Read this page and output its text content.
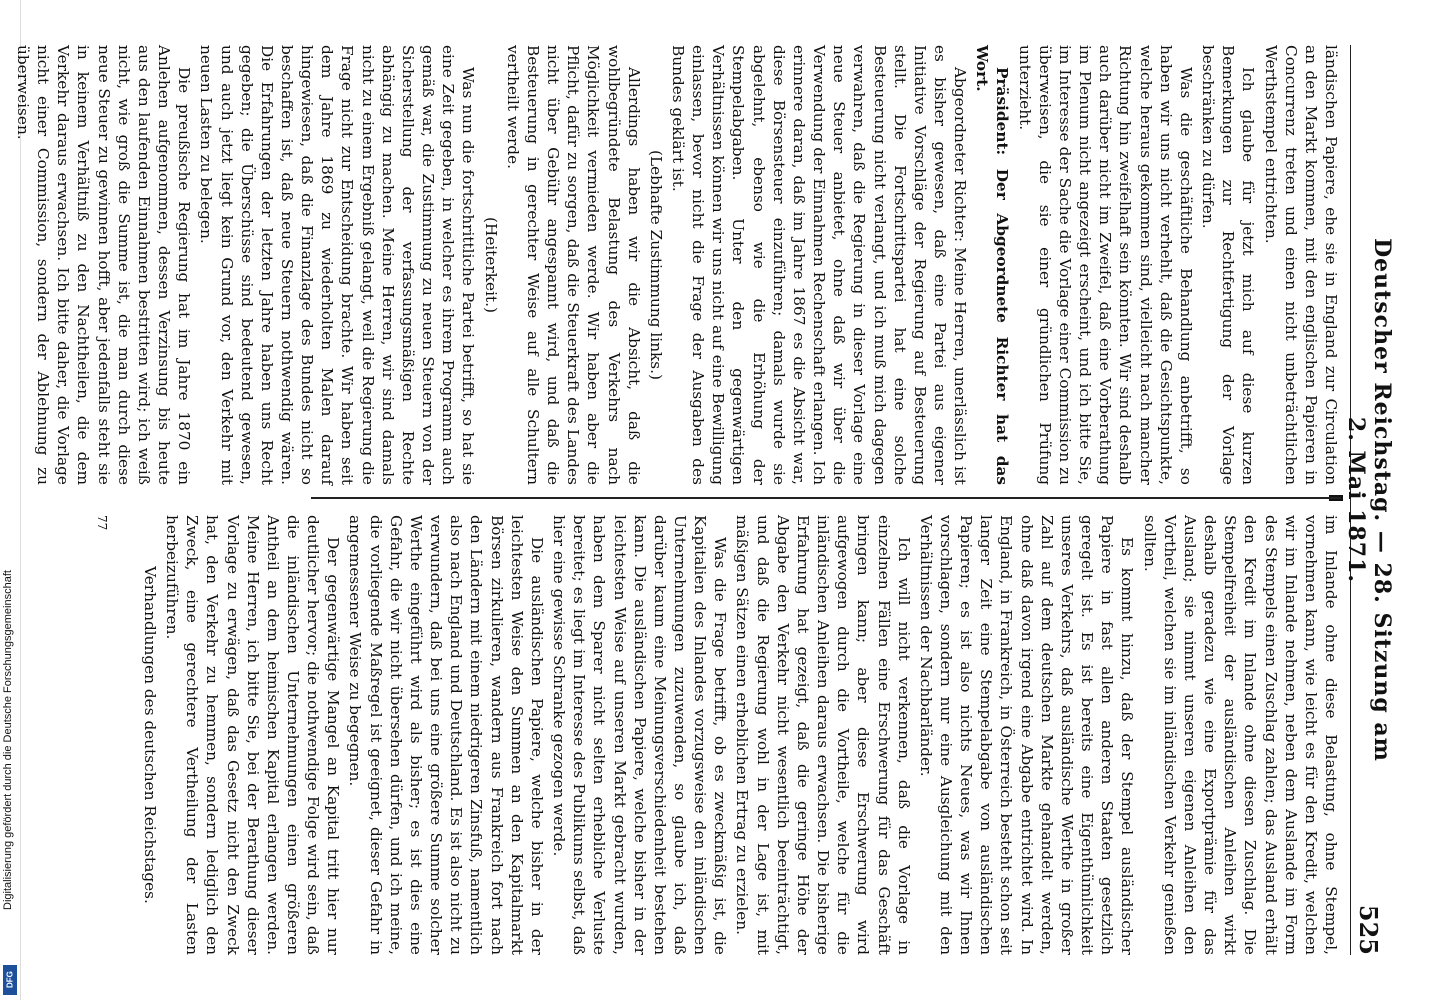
Digitalisierung gefördert durch die Deutsche Forschungsgemeinschaft
DFG
Deutscher Reichstag. — 28. Sitzung am 2. Mai 1871.
525

ländischen Papiere, ehe sie in England zur Circulation an den Markt kommen, mit den englischen Papieren in Concurrenz treten und einen nicht unbeträchtlichen Werthstempel entrichten.

Ich glaube für jetzt mich auf diese kurzen Bemerkungen zur Rechtfertigung der Vorlage beschränken zu dürfen.

Was die geschäftliche Behandlung anbetrifft, so haben wir uns nicht verhehlt, daß die Gesichtspunkte, welche heraus gekommen sind, vielleicht nach mancher Richtung hin zweifelhaft sein könnten. Wir sind deshalb auch darüber nicht im Zweifel, daß eine Vorberathung im Plenum nicht angezeigt erscheint, und ich bitte Sie, im Interesse der Sache die Vorlage einer Commission zu überweisen, die sie einer gründlichen Prüfung unterzieht.

Präsident: Der Abgeordnete Richter hat das Wort.

Abgeordneter Richter: Meine Herren, unerlässlich ist es bisher gewesen, daß eine Partei aus eigener Initiative Vorschläge der Regierung auf Besteuerung stellt. Die Fortschrittspartei hat eine solche Besteuerung nicht verlangt, und ich muß mich dagegen verwahren, daß die Regierung in dieser Vorlage eine neue Steuer anbietet, ohne daß wir über die Verwendung der Einnahmen Rechenschaft erlangen. Ich erinnere daran, daß im Jahre 1867 es die Absicht war, diese Börsensteuer einzuführen; damals wurde sie abgelehnt, ebenso wie die Erhöhung der Stempelabgaben. Unter den gegenwärtigen Verhältnissen können wir uns nicht auf eine Bewilligung einlassen, bevor nicht die Frage der Ausgaben des Bundes geklärt ist.

(Lebhafte Zustimmung links.)

Allerdings haben wir die Absicht, daß die wohlbegründete Belastung des Verkehrs nach Möglichkeit vermieden werde. Wir haben aber die Pflicht, dafür zu sorgen, daß die Steuerkraft des Landes nicht über Gebühr angespannt wird, und daß die Besteuerung in gerechter Weise auf alle Schultern vertheilt werde.

(Heiterkeit.)

Was nun die fortschrittliche Partei betrifft, so hat sie eine Zeit gegeben, in welcher es ihrem Programm auch gemäß war, die Zustimmung zu neuen Steuern von der Sicherstellung der verfassungsmäßigen Rechte abhängig zu machen. Meine Herren, wir sind damals nicht zu einem Ergebniß gelangt, weil die Regierung die Frage nicht zur Entscheidung brachte. Wir haben seit dem Jahre 1869 zu wiederholten Malen darauf hingewiesen, daß die Finanzlage des Bundes nicht so beschaffen ist, daß neue Steuern nothwendig wären. Die Erfahrungen der letzten Jahre haben uns Recht gegeben; die Überschüsse sind bedeutend gewesen, und auch jetzt liegt kein Grund vor, den Verkehr mit neuen Lasten zu belegen.

Die preußische Regierung hat im Jahre 1870 ein Anlehen aufgenommen, dessen Verzinsung bis heute aus den laufenden Einnahmen bestritten wird; ich weiß nicht, wie groß die Summe ist, die man durch diese neue Steuer zu gewinnen hofft, aber jedenfalls steht sie in keinem Verhältniß zu den Nachtheilen, die dem Verkehr daraus erwachsen. Ich bitte daher, die Vorlage nicht einer Commission, sondern der Ablehnung zu überweisen.

im Inlande ohne diese Belastung, ohne Stempel, vornehmen kann, wie leicht es für den Kredit, welchen wir im Inlande nehmen, neben dem Auslande im Form des Stempels einen Zuschlag zahlen; das Ausland erhält den Kredit im Inlande ohne diesen Zuschlag. Die Stempelfreiheit der ausländischen Anleihen wirkt deshalb geradezu wie eine Exportprämie für das Ausland; sie nimmt unseren eigenen Anleihen den Vortheil, welchen sie im inländischen Verkehr genießen sollten.

Es kommt hinzu, daß der Stempel ausländischer Papiere in fast allen anderen Staaten gesetzlich geregelt ist. Es ist bereits eine Eigenthümlichkeit unseres Verkehrs, daß ausländische Werthe in großer Zahl auf dem deutschen Markte gehandelt werden, ohne daß davon irgend eine Abgabe entrichtet wird. In England, in Frankreich, in Österreich besteht schon seit langer Zeit eine Stempelabgabe von ausländischen Papieren; es ist also nichts Neues, was wir Ihnen vorschlagen, sondern nur eine Ausgleichung mit den Verhältnissen der Nachbarländer.

Ich will nicht verkennen, daß die Vorlage in einzelnen Fällen eine Erschwerung für das Geschäft bringen kann; aber diese Erschwerung wird aufgewogen durch die Vortheile, welche für die inländischen Anleihen daraus erwachsen. Die bisherige Erfahrung hat gezeigt, daß die geringe Höhe der Abgabe den Verkehr nicht wesentlich beeinträchtigt, und daß die Regierung wohl in der Lage ist, mit mäßigen Sätzen einen erheblichen Ertrag zu erzielen.

Was die Frage betrifft, ob es zweckmäßig ist, die Kapitalien des Inlandes vorzugsweise den inländischen Unternehmungen zuzuwenden, so glaube ich, daß darüber kaum eine Meinungsverschiedenheit bestehen kann. Die ausländischen Papiere, welche bisher in der leichtesten Weise auf unseren Markt gebracht wurden, haben dem Sparer nicht selten erhebliche Verluste bereitet; es liegt im Interesse des Publikums selbst, daß hier eine gewisse Schranke gezogen werde.

Die ausländischen Papiere, welche bisher in der leichtesten Weise den Summen an den Kapitalmarkt Börsen zirkulieren, wandern aus Frankreich fort nach den Ländern mit einem niedrigeren Zinsfuß, namentlich also nach England und Deutschland. Es ist also nicht zu verwundern, daß bei uns eine größere Summe solcher Werthe eingeführt wird als bisher; es ist dies eine Gefahr, die wir nicht übersehen dürfen, und ich meine, die vorliegende Maßregel ist geeignet, dieser Gefahr in angemessener Weise zu begegnen.

Der gegenwärtige Mangel an Kapital tritt hier nur deutlicher hervor; die nothwendige Folge wird sein, daß die inländischen Unternehmungen einen größeren Antheil an dem heimischen Kapital erlangen werden. Meine Herren, ich bitte Sie, bei der Berathung dieser Vorlage zu erwägen, daß das Gesetz nicht den Zweck hat, den Verkehr zu hemmen, sondern lediglich den Zweck, eine gerechtere Vertheilung der Lasten herbeizuführen.

Verhandlungen des deutschen Reichstages.

77
